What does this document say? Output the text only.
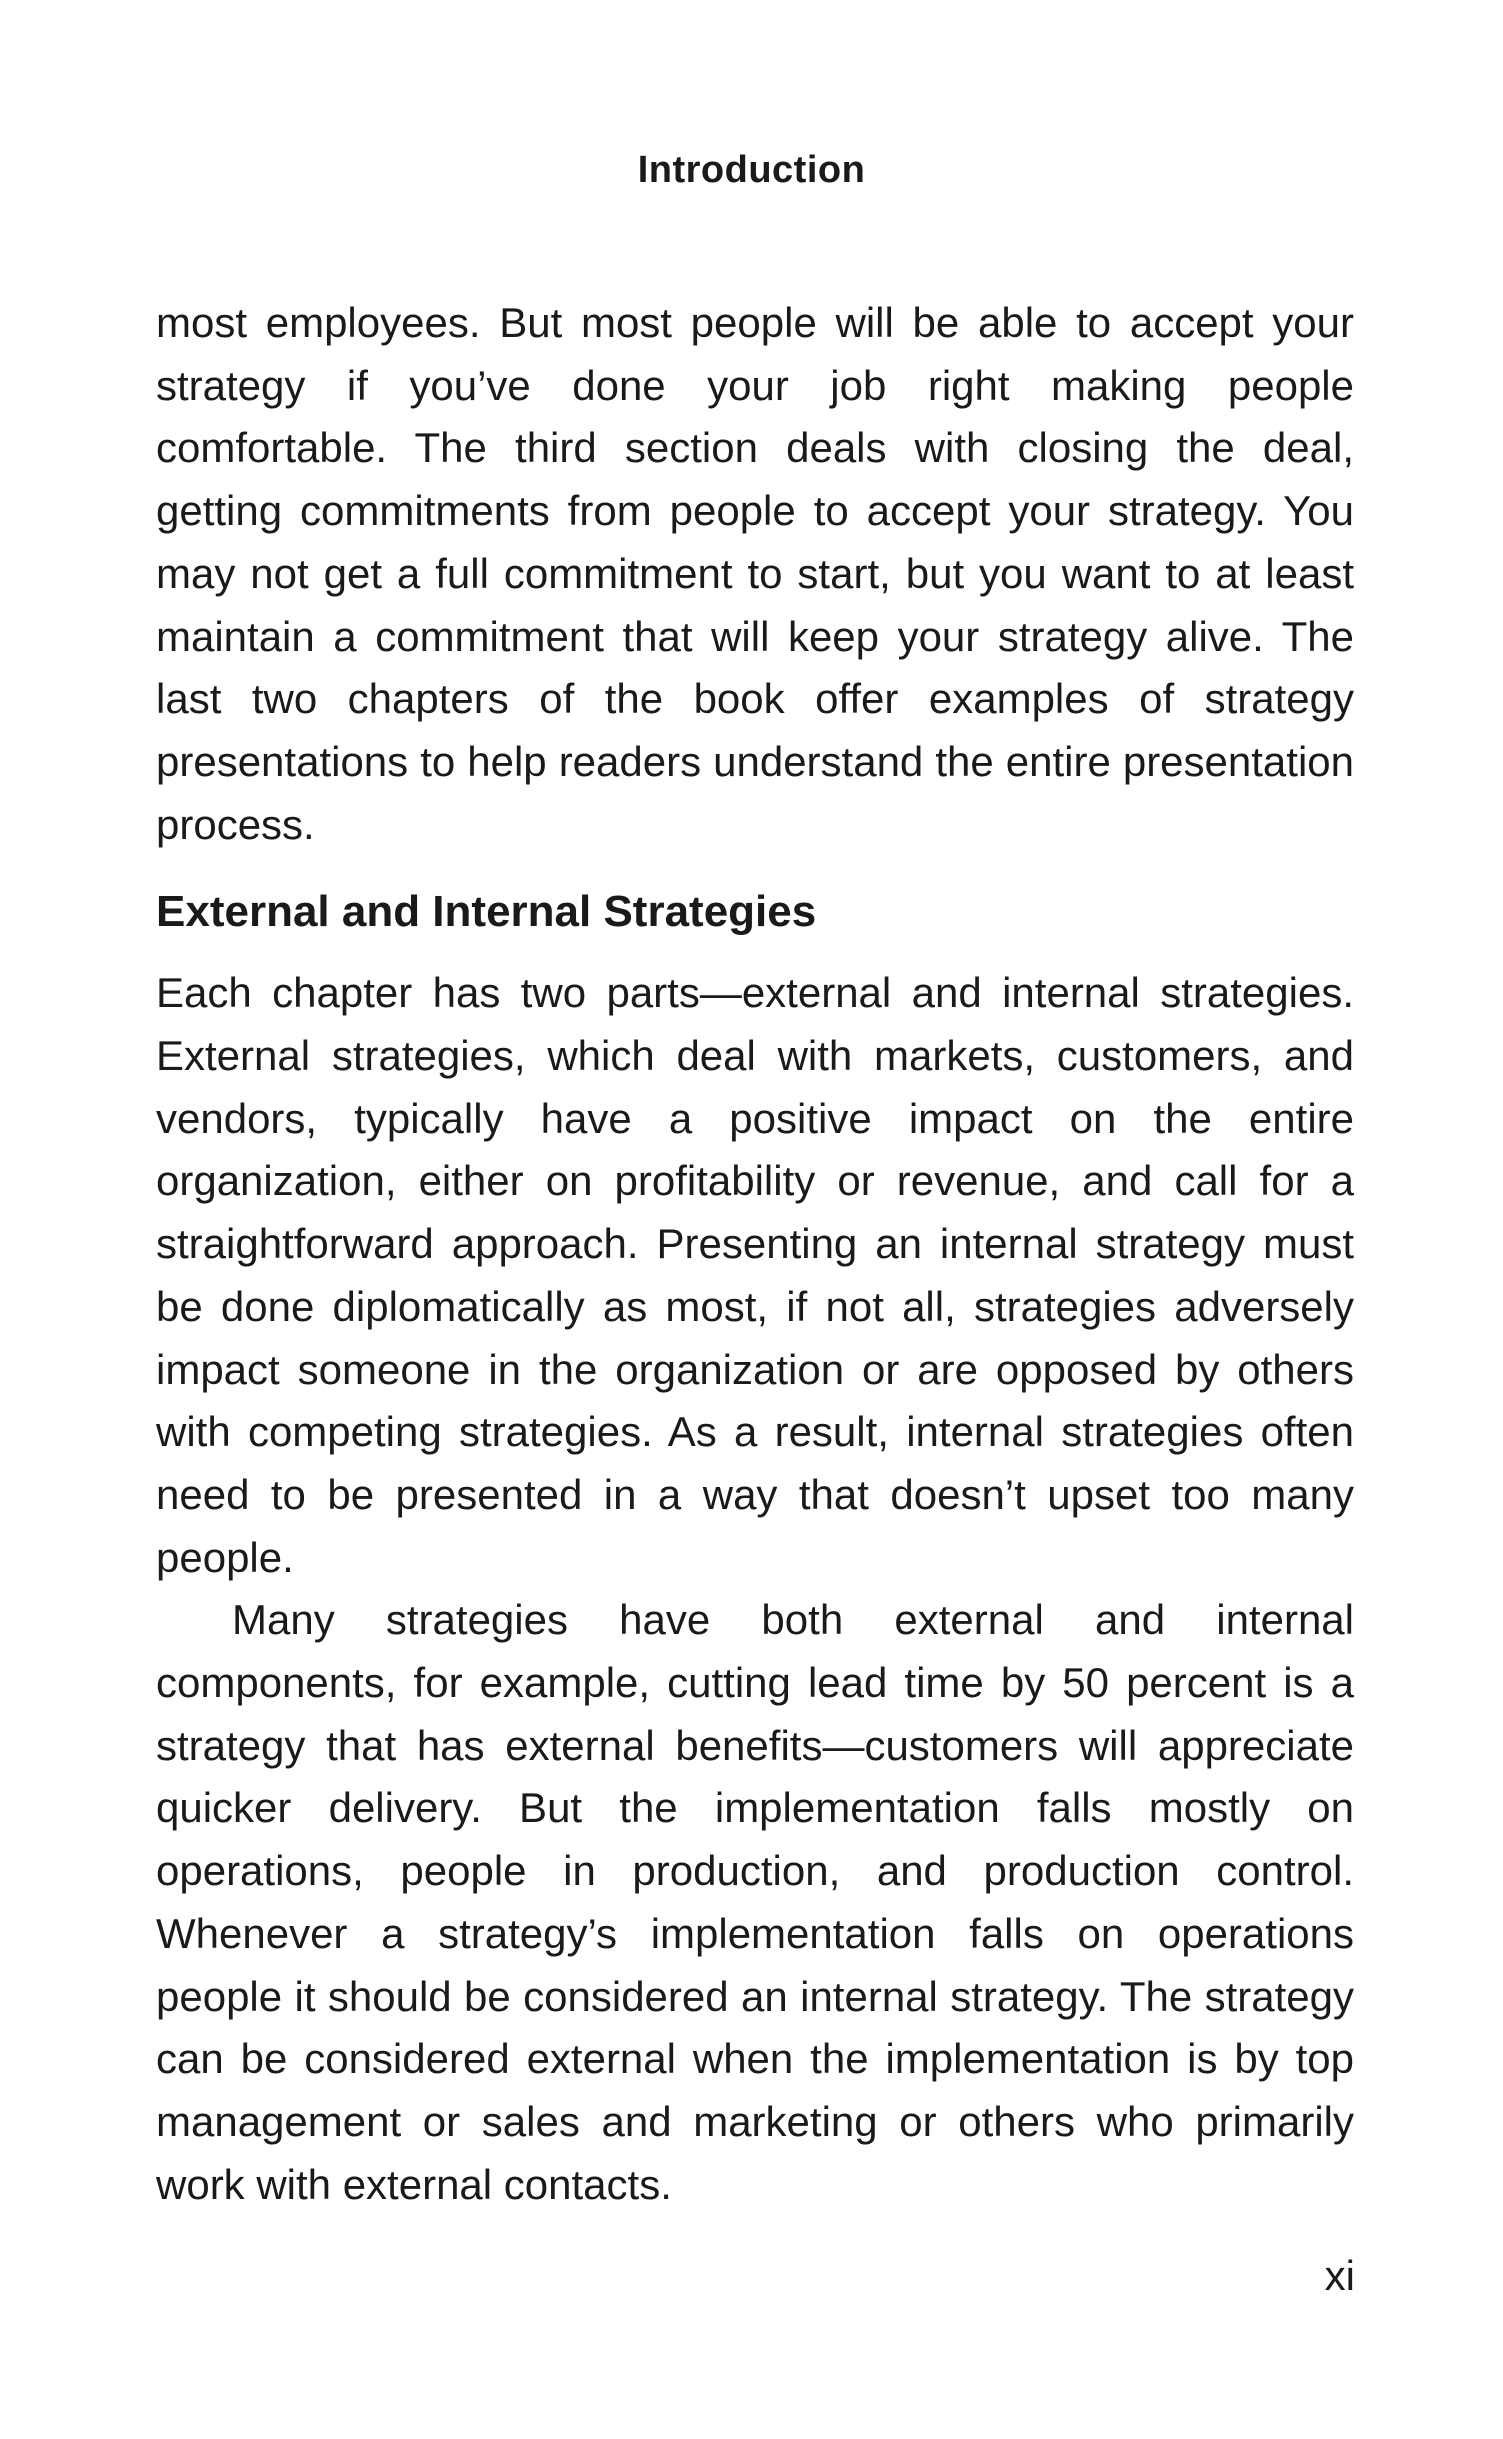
Introduction

most employees. But most people will be able to accept your strategy if you’ve done your job right making people comfortable. The third section deals with closing the deal, getting commitments from people to accept your strategy. You may not get a full commitment to start, but you want to at least maintain a commitment that will keep your strategy alive. The last two chapters of the book offer examples of strategy presentations to help readers understand the entire presentation process.

External and Internal Strategies

Each chapter has two parts—external and internal strategies. External strategies, which deal with markets, customers, and vendors, typically have a positive impact on the entire organization, either on profitability or revenue, and call for a straightforward approach. Presenting an internal strategy must be done diplomatically as most, if not all, strategies adversely impact someone in the organization or are opposed by others with competing strategies. As a result, internal strategies often need to be presented in a way that doesn’t upset too many people.

Many strategies have both external and internal components, for example, cutting lead time by 50 percent is a strategy that has external benefits—customers will appreciate quicker delivery. But the implementation falls mostly on operations, people in production, and production control. Whenever a strategy’s implementation falls on operations people it should be considered an internal strategy. The strategy can be considered external when the implementation is by top management or sales and marketing or others who primarily work with external contacts.

xi
